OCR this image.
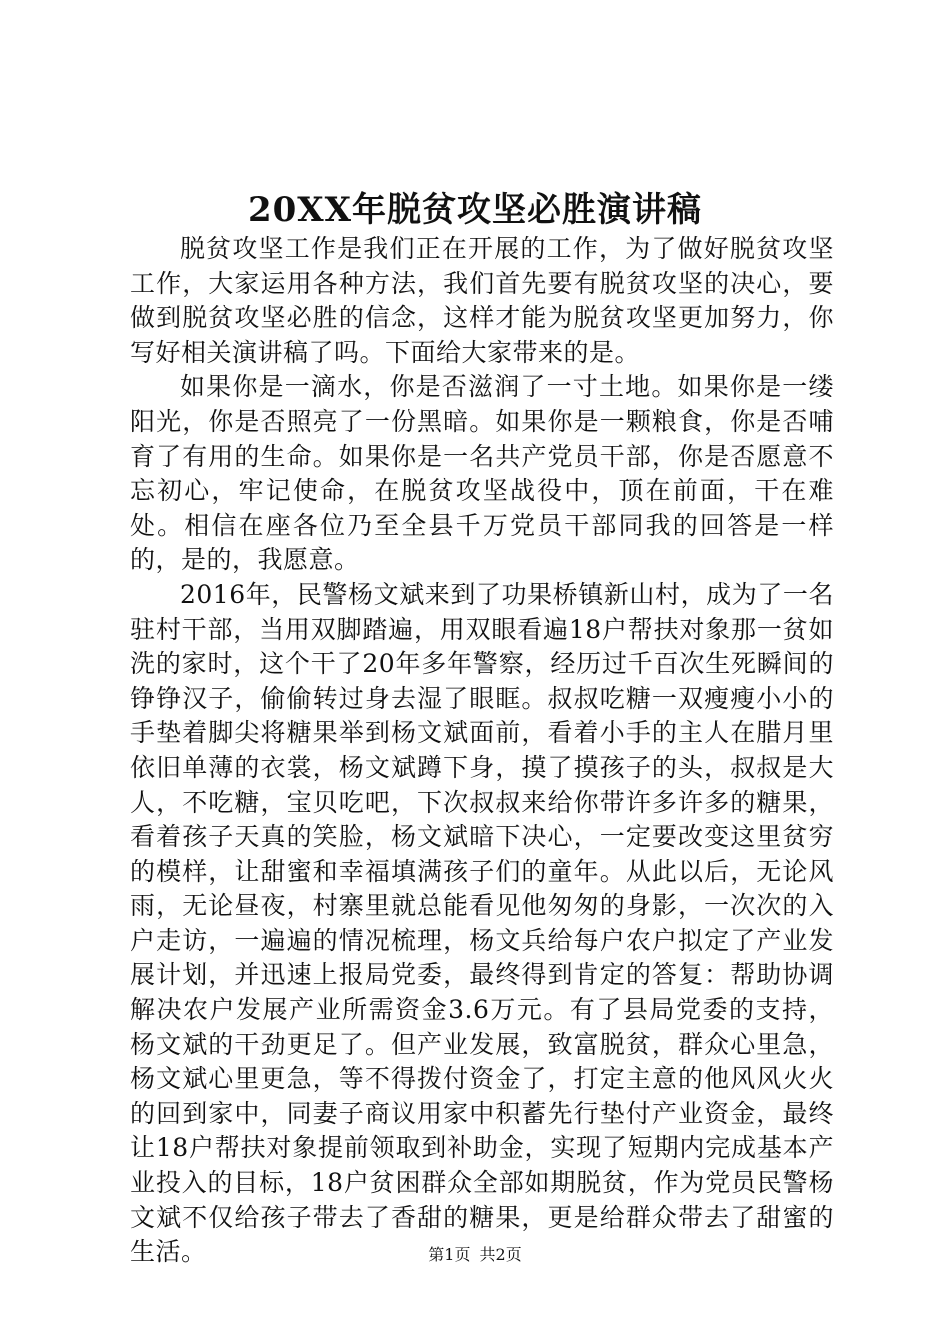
20XX年脱贫攻坚必胜演讲稿

脱贫攻坚工作是我们正在开展的工作，为了做好脱贫攻坚工作，大家运用各种方法，我们首先要有脱贫攻坚的决心，要做到脱贫攻坚必胜的信念，这样才能为脱贫攻坚更加努力，你写好相关演讲稿了吗。下面给大家带来的是。

如果你是一滴水，你是否滋润了一寸土地。如果你是一缕阳光，你是否照亮了一份黑暗。如果你是一颗粮食，你是否哺育了有用的生命。如果你是一名共产党员干部，你是否愿意不忘初心，牢记使命，在脱贫攻坚战役中，顶在前面，干在难处。相信在座各位乃至全县千万党员干部同我的回答是一样的，是的，我愿意。

2016年，民警杨文斌来到了功果桥镇新山村，成为了一名驻村干部，当用双脚踏遍，用双眼看遍18户帮扶对象那一贫如洗的家时，这个干了20年多年警察，经历过千百次生死瞬间的铮铮汉子，偷偷转过身去湿了眼眶。叔叔吃糖一双瘦瘦小小的手垫着脚尖将糖果举到杨文斌面前，看着小手的主人在腊月里依旧单薄的衣裳，杨文斌蹲下身，摸了摸孩子的头，叔叔是大人，不吃糖，宝贝吃吧，下次叔叔来给你带许多许多的糖果，看着孩子天真的笑脸，杨文斌暗下决心，一定要改变这里贫穷的模样，让甜蜜和幸福填满孩子们的童年。从此以后，无论风雨，无论昼夜，村寨里就总能看见他匆匆的身影，一次次的入户走访，一遍遍的情况梳理，杨文兵给每户农户拟定了产业发展计划，并迅速上报局党委，最终得到肯定的答复：帮助协调解决农户发展产业所需资金3.6万元。有了县局党委的支持，杨文斌的干劲更足了。但产业发展，致富脱贫，群众心里急，杨文斌心里更急，等不得拨付资金了，打定主意的他风风火火的回到家中，同妻子商议用家中积蓄先行垫付产业资金，最终让18户帮扶对象提前领取到补助金，实现了短期内完成基本产业投入的目标，18户贫困群众全部如期脱贫，作为党员民警杨文斌不仅给孩子带去了香甜的糖果，更是给群众带去了甜蜜的生活。	第1页 共2页
